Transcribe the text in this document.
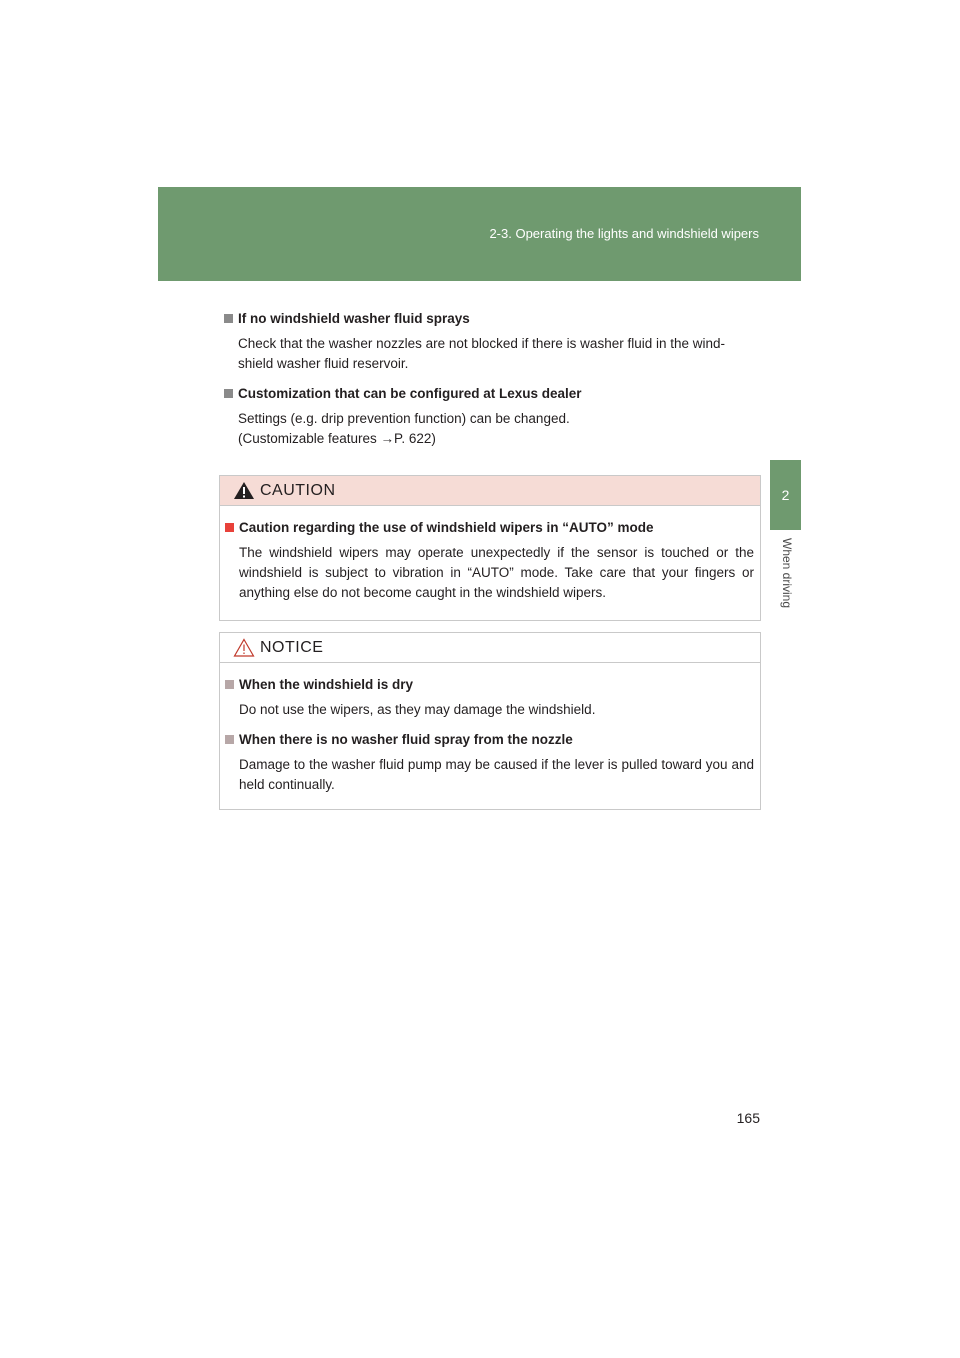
2-3. Operating the lights and windshield wipers
2
When driving
If no windshield washer fluid sprays
Check that the washer nozzles are not blocked if there is washer fluid in the wind-shield washer fluid reservoir.
Customization that can be configured at Lexus dealer
Settings (e.g. drip prevention function) can be changed.
(Customizable features →P. 622)
CAUTION
Caution regarding the use of windshield wipers in “AUTO” mode
The windshield wipers may operate unexpectedly if the sensor is touched or the windshield is subject to vibration in “AUTO” mode. Take care that your fingers or anything else do not become caught in the windshield wipers.
NOTICE
When the windshield is dry
Do not use the wipers, as they may damage the windshield.
When there is no washer fluid spray from the nozzle
Damage to the washer fluid pump may be caused if the lever is pulled toward you and held continually.
165
